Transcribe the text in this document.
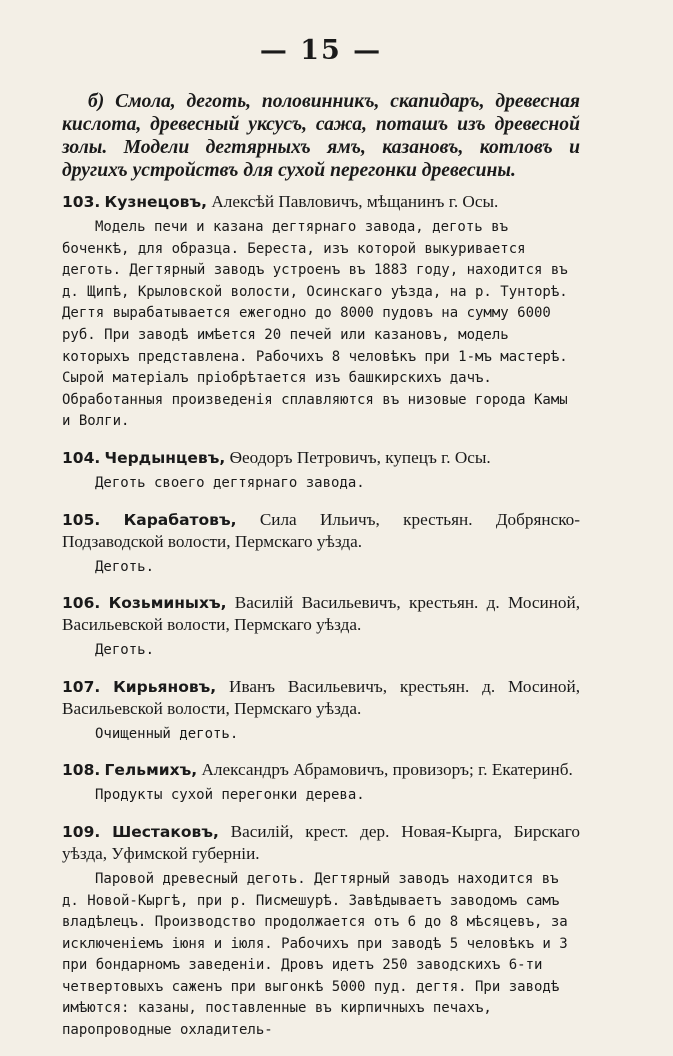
— 15 —

б) Смола, деготь, половинникъ, скапидаръ, древесная кислота, древесный уксусъ, сажа, поташъ изъ древесной золы. Модели дегтярныхъ ямъ, казановъ, котловъ и другихъ устройствъ для сухой перегонки древесины.

103. Кузнецовъ, Алексѣй Павловичъ, мѣщанинъ г. Осы.

Модель печи и казана дегтярнаго завода, деготь въ боченкѣ, для образца. Береста, изъ которой выкуривается деготь. Дегтярный заводъ устроенъ въ 1883 году, находится въ д. Щипѣ, Крыловской волости, Осинскаго уѣзда, на р. Тунторѣ. Дегтя вырабатывается ежегодно до 8000 пудовъ на сумму 6000 руб. При заводѣ имѣется 20 печей или казановъ, модель которыхъ представлена. Рабочихъ 8 человѣкъ при 1-мъ мастерѣ. Сырой матеріалъ пріобрѣтается изъ башкирскихъ дачъ. Обработанныя произведенія сплавляются въ низовые города Камы и Волги.

104. Чердынцевъ, Ѳеодоръ Петровичъ, купецъ г. Осы.

Деготь своего дегтярнаго завода.

105. Карабатовъ, Сила Ильичъ, крестьян. Добрянско-Подзаводской волости, Пермскаго уѣзда.

Деготь.

106. Козьминыхъ, Василій Васильевичъ, крестьян. д. Мосиной, Васильевской волости, Пермскаго уѣзда.

Деготь.

107. Кирьяновъ, Иванъ Васильевичъ, крестьян. д. Мосиной, Васильевской волости, Пермскаго уѣзда.

Очищенный деготь.

108. Гельмихъ, Александръ Абрамовичъ, провизоръ; г. Екатеринб.

Продукты сухой перегонки дерева.

109. Шестаковъ, Василій, крест. дер. Новая-Кырга, Бирскаго уѣзда, Уфимской губерніи.

Паровой древесный деготь. Дегтярный заводъ находится въ д. Новой-Кыргѣ, при р. Писмешурѣ. Завѣдываетъ заводомъ самъ владѣлецъ. Производство продолжается отъ 6 до 8 мѣсяцевъ, за исключеніемъ іюня и іюля. Рабочихъ при заводѣ 5 человѣкъ и 3 при бондарномъ заведеніи. Дровъ идетъ 250 заводскихъ 6-ти четвертовыхъ саженъ при выгонкѣ 5000 пуд. дегтя. При заводѣ имѣются: казаны, поставленные въ кирпичныхъ печахъ, паропроводные охладитель-
